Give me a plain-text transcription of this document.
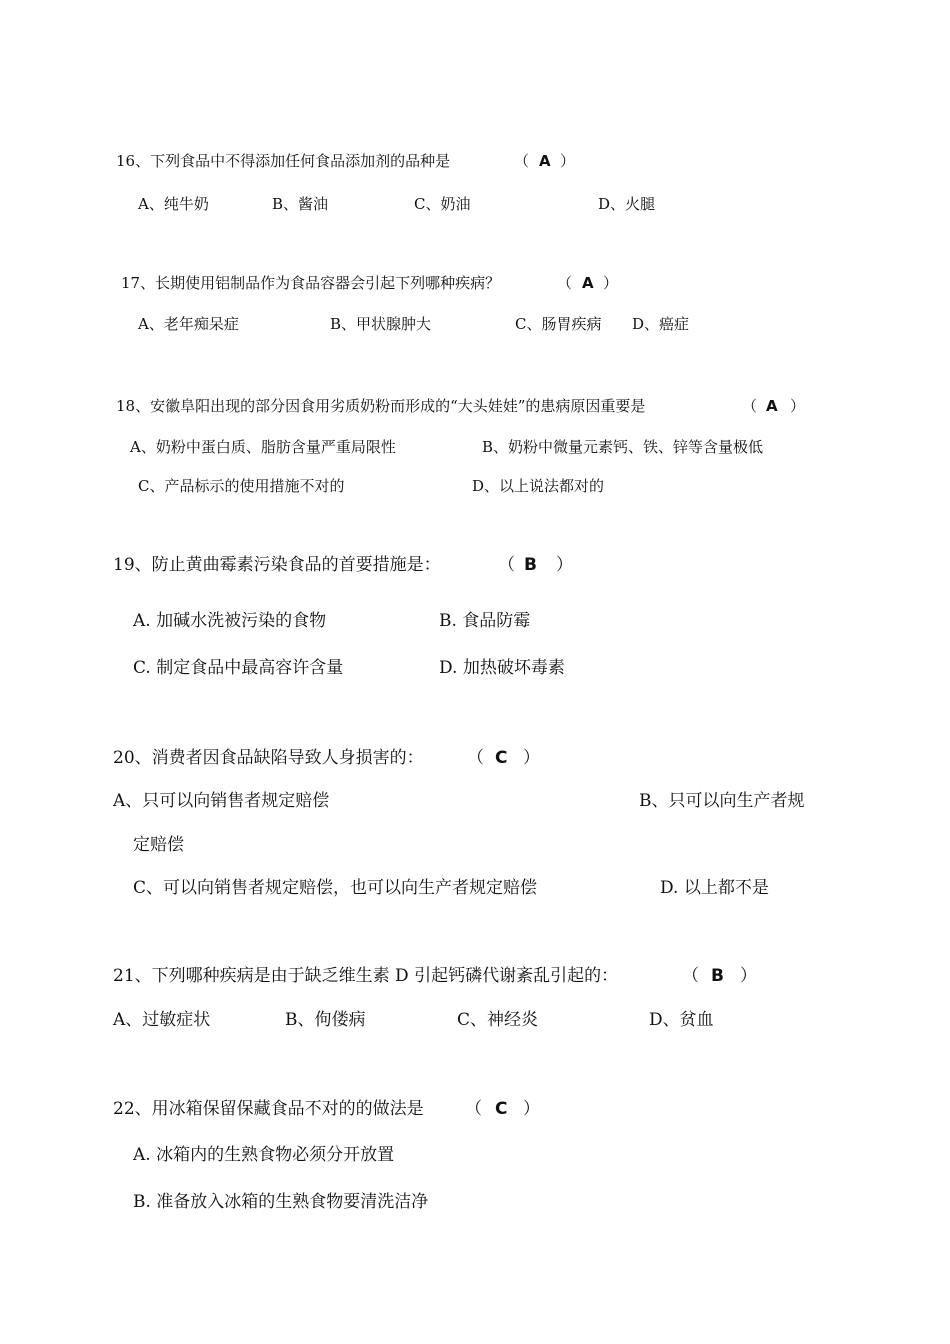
16、下列食品中不得添加任何食品添加剂的品种是	（ A ）
A、纯牛奶	B、酱油	C、奶油	D、火腿
17、长期使用铝制品作为食品容器会引起下列哪种疾病？	（ A ）
A、老年痴呆症	B、甲状腺肿大	C、肠胃疾病 D、癌症
18、安徽阜阳出现的部分因食用劣质奶粉而形成的“大头娃娃”的患病原因重要是	（ A ）
A、奶粉中蛋白质、脂肪含量严重局限性	B、奶粉中微量元素钙、铁、锌等含量极低
C、产品标示的使用措施不对的	D、以上说法都对的
19、防止黄曲霉素污染食品的首要措施是：	（ B ）
A. 加碱水洗被污染的食物	B. 食品防霉
C. 制定食品中最高容许含量	D. 加热破坏毒素
20、消费者因食品缺陷导致人身损害的：	（ C ）
A、只可以向销售者规定赔偿	B、只可以向生产者规
定赔偿
C、可以向销售者规定赔偿，也可以向生产者规定赔偿	D. 以上都不是
21、下列哪种疾病是由于缺乏维生素 D 引起钙磷代谢紊乱引起的：	（ B ）
A、过敏症状	B、佝偻病	C、神经炎	D、贫血
22、用冰箱保留保藏食品不对的的做法是 （ C ）
A. 冰箱内的生熟食物必须分开放置
B. 准备放入冰箱的生熟食物要清洗洁净
